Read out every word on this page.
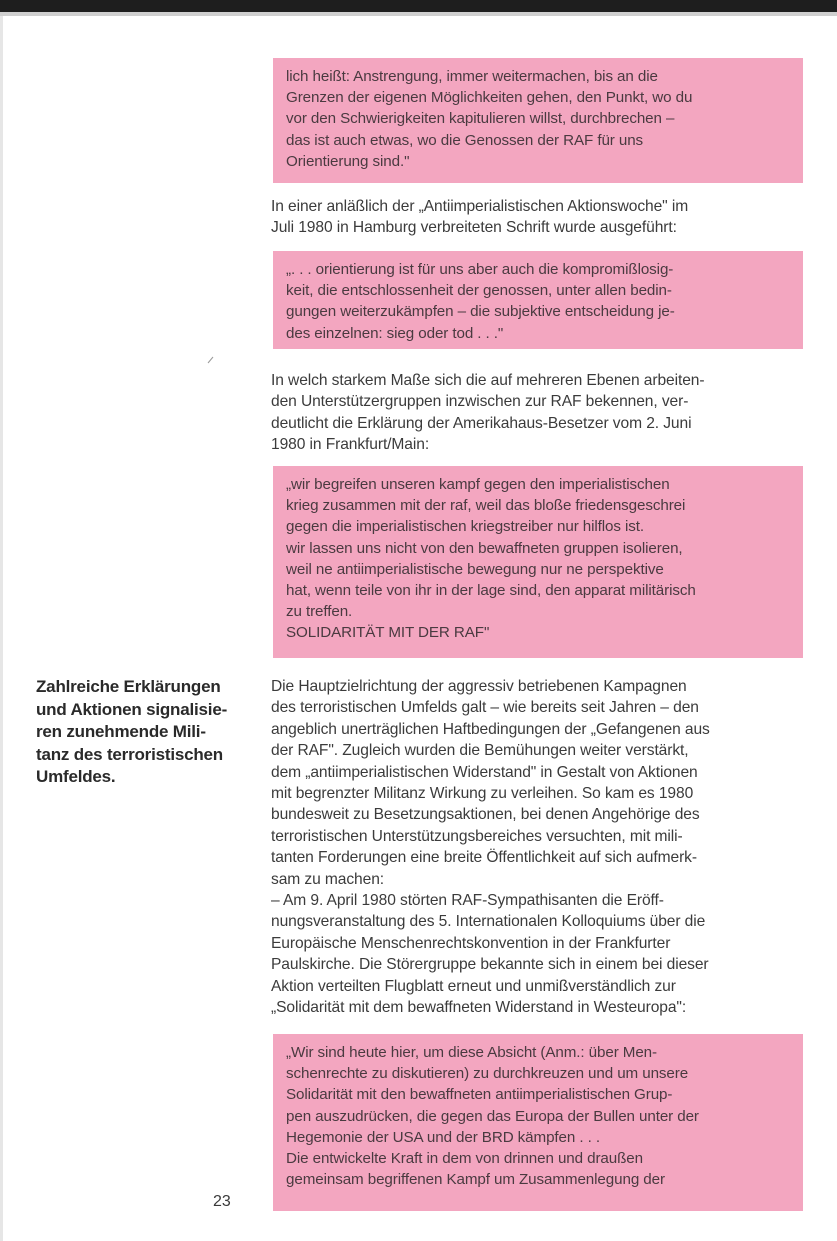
lich heißt: Anstrengung, immer weitermachen, bis an die

Grenzen der eigenen Möglichkeiten gehen, den Punkt, wo du

vor den Schwierigkeiten kapitulieren willst, durchbrechen –

das ist auch etwas, wo die Genossen der RAF für uns

Orientierung sind."

In einer anläßlich der „Antiimperialistischen Aktionswoche" im

Juli 1980 in Hamburg verbreiteten Schrift wurde ausgeführt:

„. . . orientierung ist für uns aber auch die kompromißlosig-

keit, die entschlossenheit der genossen, unter allen bedin-

gungen weiterzukämpfen – die subjektive entscheidung je-

des einzelnen: sieg oder tod . . ."

In welch starkem Maße sich die auf mehreren Ebenen arbeiten-

den Unterstützergruppen inzwischen zur RAF bekennen, ver-

deutlicht die Erklärung der Amerikahaus-Besetzer vom 2. Juni

1980 in Frankfurt/Main:

„wir begreifen unseren kampf gegen den imperialistischen

krieg zusammen mit der raf, weil das bloße friedensgeschrei

gegen die imperialistischen kriegstreiber nur hilflos ist.

wir lassen uns nicht von den bewaffneten gruppen isolieren,

weil ne antiimperialistische bewegung nur ne perspektive

hat, wenn teile von ihr in der lage sind, den apparat militärisch

zu treffen.

SOLIDARITÄT MIT DER RAF"

Zahlreiche Erklärungen
und Aktionen signalisie-
ren zunehmende Mili-
tanz des terroristischen
Umfeldes.

Die Hauptzielrichtung der aggressiv betriebenen Kampagnen

des terroristischen Umfelds galt – wie bereits seit Jahren – den

angeblich unerträglichen Haftbedingungen der „Gefangenen aus

der RAF". Zugleich wurden die Bemühungen weiter verstärkt,

dem „antiimperialistischen Widerstand" in Gestalt von Aktionen

mit begrenzter Militanz Wirkung zu verleihen. So kam es 1980

bundesweit zu Besetzungsaktionen, bei denen Angehörige des

terroristischen Unterstützungsbereiches versuchten, mit mili-

tanten Forderungen eine breite Öffentlichkeit auf sich aufmerk-

sam zu machen:

– Am 9. April 1980 störten RAF-Sympathisanten die Eröff-

nungsveranstaltung des 5. Internationalen Kolloquiums über die

Europäische Menschenrechtskonvention in der Frankfurter

Paulskirche. Die Störergruppe bekannte sich in einem bei dieser

Aktion verteilten Flugblatt erneut und unmißverständlich zur

„Solidarität mit dem bewaffneten Widerstand in Westeuropa":

„Wir sind heute hier, um diese Absicht (Anm.: über Men-

schenrechte zu diskutieren) zu durchkreuzen und um unsere

Solidarität mit den bewaffneten antiimperialistischen Grup-

pen auszudrücken, die gegen das Europa der Bullen unter der

Hegemonie der USA und der BRD kämpfen . . .

Die entwickelte Kraft in dem von drinnen und draußen

gemeinsam begriffenen Kampf um Zusammenlegung der

23
